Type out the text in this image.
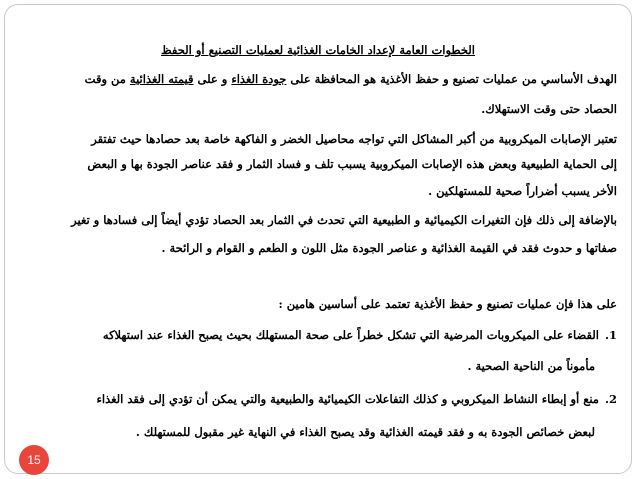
الخطوات العامة لإعداد الخامات الغذائية لعمليات التصنيع أو الحفظ
الهدف الأساسي من عمليات تصنيع و حفظ الأغذية هو المحافظة على جودة الغذاء و على قيمته الغذائية من وقت
الحصاد حتى وقت الاستهلاك.
تعتبر الإصابات الميكروبية من أكبر المشاكل التي تواجه محاصيل الخضر و الفاكهة خاصة بعد حصادها حيث تفتقر
إلى الحماية الطبيعية وبعض هذه الإصابات الميكروبية يسبب تلف و فساد الثمار و فقد عناصر الجودة بها و البعض
الأخر يسبب أضراراً صحية للمستهلكين .
بالإضافة إلى ذلك فإن التغيرات الكيميائية و الطبيعية التي تحدث في الثمار بعد الحصاد تؤدي أيضاً إلى فسادها و تغير
صفاتها و حدوث فقد في القيمة الغذائية و عناصر الجودة مثل اللون و الطعم و القوام و الرائحة .
على هذا فإن عمليات تصنيع و حفظ الأغذية تعتمد على أساسين هامين :
1.القضاء على الميكروبات المرضية التي تشكل خطراً على صحة المستهلك بحيث يصبح الغذاء عند استهلاكه
مأموناً من الناحية الصحية .
2.منع أو إبطاء النشاط الميكروبي و كذلك التفاعلات الكيميائية والطبيعية والتي يمكن أن تؤدي إلى فقد الغذاء
لبعض خصائص الجودة به و فقد قيمته الغذائية وقد يصبح الغذاء في النهاية غير مقبول للمستهلك .
15
